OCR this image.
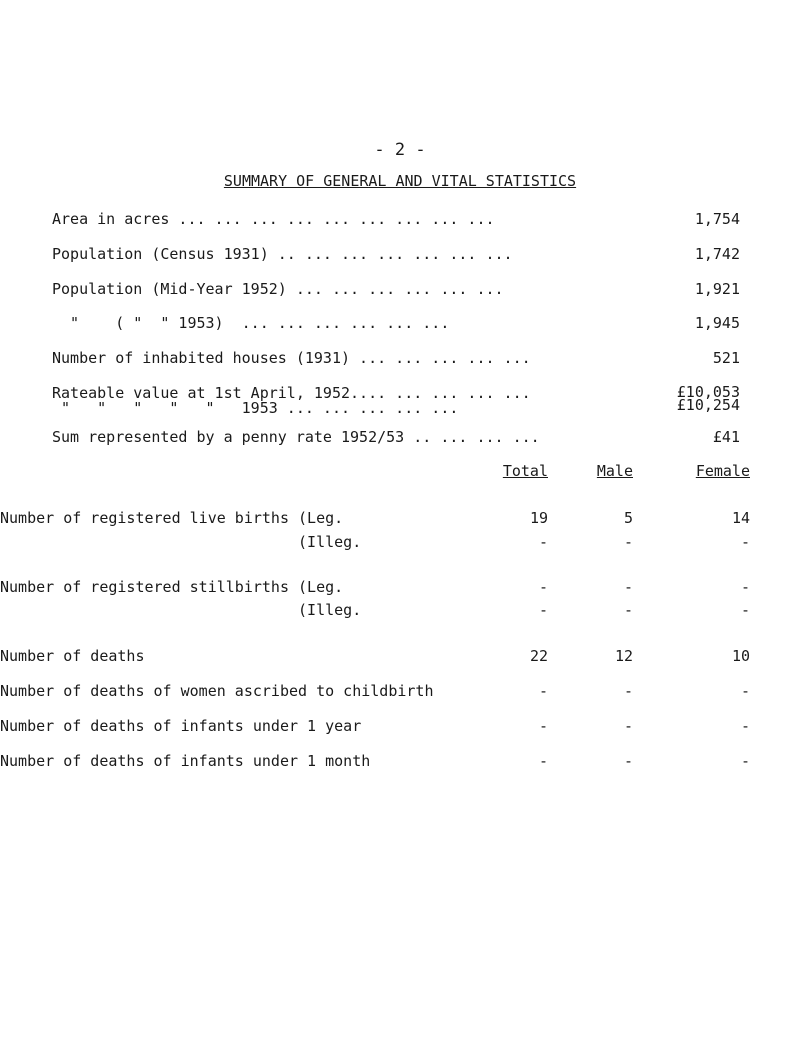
- 2 -
SUMMARY OF GENERAL AND VITAL STATISTICS
Area in acres ... ... ... ... ... ... ... ... ...	1,754
Population (Census 1931) .. ... ... ... ... ... ...	1,742
Population (Mid-Year 1952) ... ... ... ... ... ...	1,921
"    ( "  " 1953)  ... ... ... ... ... ...	1,945
Number of inhabited houses (1931) ... ... ... ... ...	521
Rateable value at 1st April, 1952.... ... ... ... ...	£10,053
"   "   "   "   "   1953 ... ... ... ... ...	£10,254
Sum represented by a penny rate 1952/53 .. ... ... ...	£41
Total	Male	Female
Number of registered live births (Leg.	19	5	14
(Illeg.	-	-	-
Number of registered stillbirths (Leg.	-	-	-
(Illeg.	-	-	-
Number of deaths	22	12	10
Number of deaths of women ascribed to childbirth	-	-	-
Number of deaths of infants under 1 year	-	-	-
Number of deaths of infants under 1 month	-	-	-
